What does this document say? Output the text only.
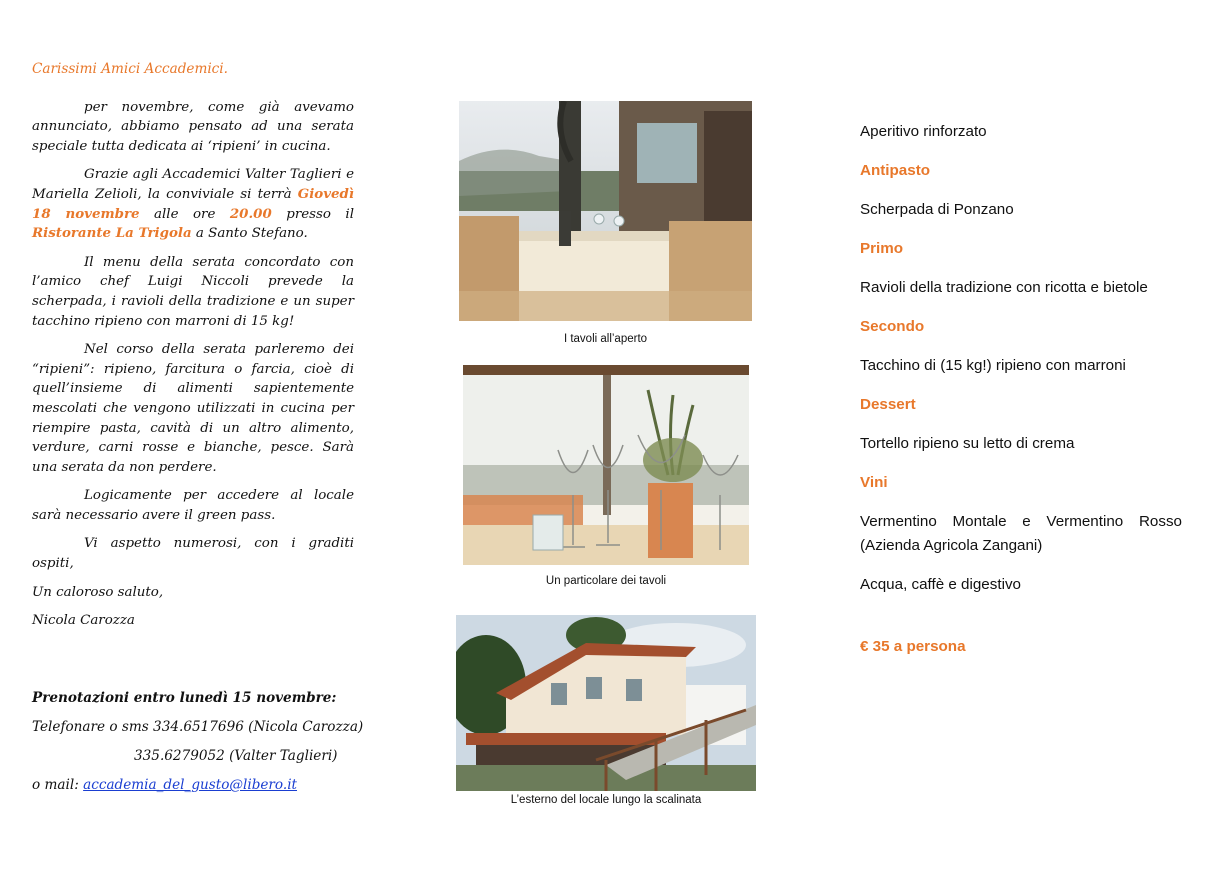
Carissimi Amici Accademici.

per novembre, come già avevamo annunciato, abbiamo pensato ad una serata speciale tutta dedicata ai ‘ripieni’ in cucina.

Grazie agli Accademici Valter Taglieri e Mariella Zelioli, la conviviale si terrà Giovedì 18 novembre alle ore 20.00 presso il Ristorante La Trigola a Santo Stefano.

Il menu della serata concordato con l’amico chef Luigi Niccoli prevede la scherpada, i ravioli della tradizione e un super tacchino ripieno con marroni di 15 kg!

Nel corso della serata parleremo dei “ripieni”: ripieno, farcitura o farcia, cioè di quell’insieme di alimenti sapientemente mescolati che vengono utilizzati in cucina per riempire pasta, cavità di un altro alimento, verdure, carni rosse e bianche, pesce. Sarà una serata da non perdere.

Logicamente per accedere al locale sarà necessario avere il green pass.

Vi aspetto numerosi, con i graditi ospiti,

Un caloroso saluto,

Nicola Carozza

Prenotazioni entro lunedì 15 novembre:

Telefonare o sms 334.6517696 (Nicola Carozza)

335.6279052 (Valter Taglieri)

o mail: accademia_del_gusto@libero.it

I tavoli all’aperto
Un particolare dei tavoli
L’esterno del locale lungo la scalinata

Aperitivo rinforzato

Antipasto

Scherpada di Ponzano

Primo

Ravioli della tradizione con ricotta e bietole

Secondo

Tacchino di (15 kg!) ripieno con marroni

Dessert

Tortello ripieno su letto di crema

Vini

Vermentino Montale e Vermentino Rosso (Azienda Agricola Zangani)

Acqua, caffè e digestivo

€ 35 a persona
